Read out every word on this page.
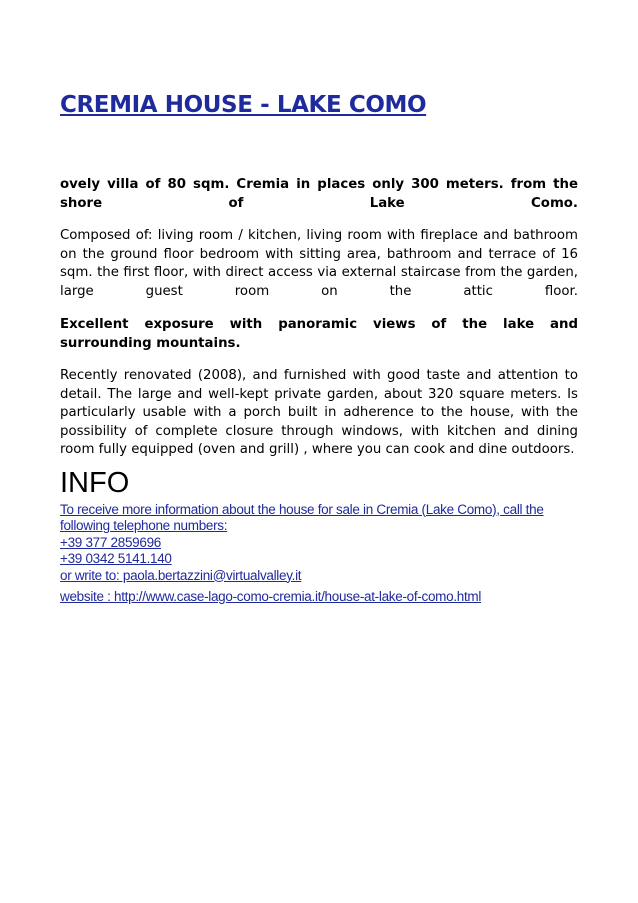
CREMIA HOUSE - LAKE COMO

ovely villa of 80 sqm. Cremia in places only 300 meters. from the shore of Lake Como.

Composed of: living room / kitchen, living room with fireplace and bathroom on the ground floor bedroom with sitting area, bathroom and terrace of 16 sqm. the first floor, with direct access via external staircase from the garden, large guest room on the attic floor.

Excellent exposure with panoramic views of the lake and surrounding mountains.

Recently renovated (2008), and furnished with good taste and attention to detail. The large and well-kept private garden, about 320 square meters. Is particularly usable with a porch built in adherence to the house, with the possibility of complete closure through windows, with kitchen and dining room fully equipped (oven and grill) , where you can cook and dine outdoors.

INFO
To receive more information about the house for sale in Cremia (Lake Como), call the
following telephone numbers:
+39 377 2859696
+39 0342 5141.140
or write to: paola.bertazzini@virtualvalley.it
website : http://www.case-lago-como-cremia.it/house-at-lake-of-como.html
